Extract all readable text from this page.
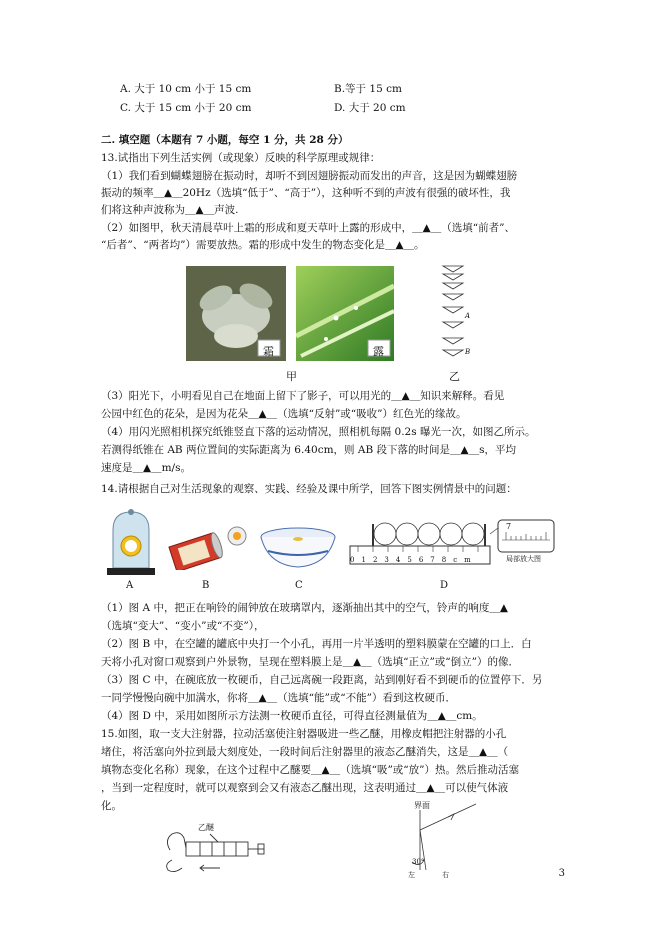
A. 大于 10 cm 小于 15 cm	B.等于 15 cm
C. 大于 15 cm 小于 20 cm	D. 大于 20 cm
二. 填空题（本题有 7 小题，每空 1 分，共 28 分）
13.试指出下列生活实例（或现象）反映的科学原理或规律：
（1）我们看到蝴蝶翅膀在振动时，却听不到因翅膀振动而发出的声音，这是因为蝴蝶翅膀
振动的频率＿▲＿20Hz（选填“低于”、“高于”），这种听不到的声波有很强的破坏性，我
们将这种声波称为＿▲＿声波.
（2）如图甲，秋天清晨草叶上霜的形成和夏天草叶上露的形成中，＿▲＿（选填“前者”、
“后者”、“两者均”）需要放热。霜的形成中发生的物态变化是＿▲＿。
霜	露
甲
A
B
乙
（3）阳光下，小明看见自己在地面上留下了影子，可以用光的＿▲＿知识来解释。看见
公园中红色的花朵，是因为花朵＿▲＿（选填“反射”或“吸收”）红色光的缘故。
（4）用闪光照相机探究纸锥竖直下落的运动情况，照相机每隔 0.2s 曝光一次，如图乙所示。
若测得纸锥在 AB 两位置间的实际距离为 6.40cm，则 AB 段下落的时间是＿▲＿s，平均
速度是＿▲＿m/s。
14.请根据自己对生活现象的观察、实践、经验及课中所学，回答下图实例情景中的问题：
A	B	C
012345678cm
7
局部放大图
D
（1）图 A 中，把正在响铃的闹钟放在玻璃罩内，逐渐抽出其中的空气，铃声的响度＿▲
（选填“变大”、“变小”或“不变”），
（2）图 B 中，在空罐的罐底中央打一个小孔，再用一片半透明的塑料膜蒙在空罐的口上．白
天将小孔对窗口观察到户外景物，呈现在塑料膜上是＿▲＿（选填“正立”或“倒立”）的像．
（3）图 C 中，在碗底放一枚硬币，自己远离碗一段距离，站到刚好看不到硬币的位置停下．另
一同学慢慢向碗中加满水，你将＿▲＿（选填“能”或“不能”）看到这枚硬币．
（4）图 D 中，采用如图所示方法测一枚硬币直径，可得直径测量值为＿▲＿cm。
15.如图，取一支大注射器，拉动活塞使注射器吸进一些乙醚，用橡皮帽把注射器的小孔
堵住，将活塞向外拉到最大刻度处，一段时间后注射器里的液态乙醚消失，这是＿▲＿（
填物态变化名称）现象，在这个过程中乙醚要＿▲＿（选填“吸”或“放”）热。然后推动活塞
，当到一定程度时，就可以观察到会又有液态乙醚出现，这表明通过＿▲＿可以使气体液
化。
乙醚
界面
30°
左	右	3
